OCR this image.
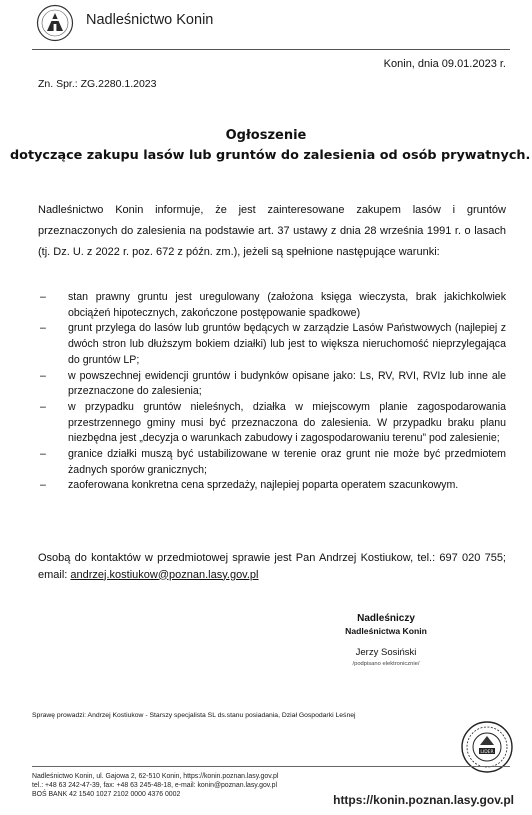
Nadleśnictwo Konin
Konin, dnia 09.01.2023 r.
Zn. Spr.: ZG.2280.1.2023
Ogłoszenie
dotyczące zakupu lasów lub gruntów do zalesienia od osób prywatnych.
Nadleśnictwo Konin informuje, że jest zainteresowane zakupem lasów i gruntów przeznaczonych do zalesienia na podstawie art. 37 ustawy z dnia 28 września 1991 r. o lasach (tj. Dz. U. z 2022 r. poz. 672 z późn. zm.), jeżeli są spełnione następujące warunki:
– stan prawny gruntu jest uregulowany (założona księga wieczysta, brak jakichkolwiek obciążeń hipotecznych, zakończone postępowanie spadkowe)
– grunt przylega do lasów lub gruntów będących w zarządzie Lasów Państwowych (najlepiej z dwóch stron lub dłuższym bokiem działki) lub jest to większa nieruchomość nieprzylegająca do gruntów LP;
– w powszechnej ewidencji gruntów i budynków opisane jako: Ls, RV, RVI, RVIz lub inne ale przeznaczone do zalesienia;
– w przypadku gruntów nieleśnych, działka w miejscowym planie zagospodarowania przestrzennego gminy musi być przeznaczona do zalesienia. W przypadku braku planu niezbędna jest „decyzja o warunkach zabudowy i zagospodarowaniu terenu” pod zalesienie;
– granice działki muszą być ustabilizowane w terenie oraz grunt nie może być przedmiotem żadnych sporów granicznych;
– zaoferowana konkretna cena sprzedaży, najlepiej poparta operatem szacunkowym.
Osobą do kontaktów w przedmiotowej sprawie jest Pan Andrzej Kostiukow, tel.: 697 020 755; email: andrzej.kostiukow@poznan.lasy.gov.pl
Nadleśniczy
Nadleśnictwa Konin
Jerzy Sosiński
/podpisano elektronicznie/
Sprawę prowadzi: Andrzej Kostiukow - Starszy specjalista SL ds.stanu posiadania, Dział Gospodarki Leśnej
LIDER
Nadleśnictwo Konin, ul. Gajowa 2, 62-510 Konin, https://konin.poznan.lasy.gov.pl
tel.: +48 63 242-47-39, fax: +48 63 245-48-18, e-mail: konin@poznan.lasy.gov.pl
BOŚ BANK 42 1540 1027 2102 0000 4376 0002	https://konin.poznan.lasy.gov.pl
